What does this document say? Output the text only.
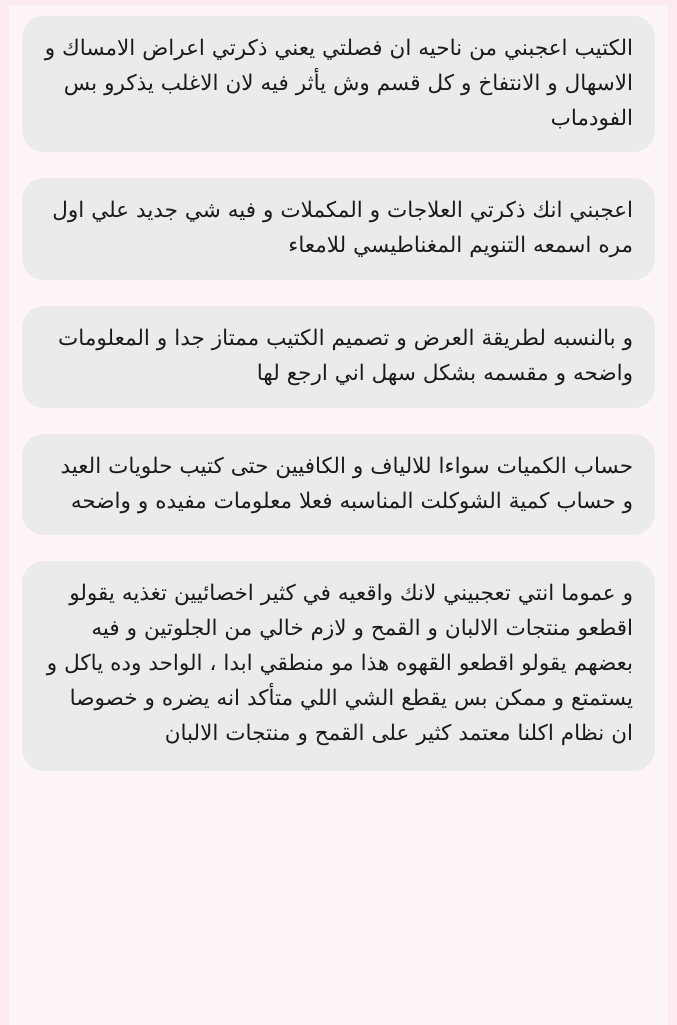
الكتيب اعجبني من ناحيه ان فصلتي يعني ذكرتي اعراض الامساك و الاسهال و الانتفاخ و كل قسم وش يأثر فيه لان الاغلب يذكرو بس الفودماب
اعجبني انك ذكرتي العلاجات و المكملات و فيه شي جديد علي اول مره اسمعه التنويم المغناطيسي للامعاء
و بالنسبه لطريقة العرض و تصميم الكتيب ممتاز جدا و المعلومات واضحه و مقسمه بشكل سهل اني ارجع لها
حساب الكميات سواءا للالياف و الكافيين حتى كتيب حلويات العيد و حساب كمية الشوكلت المناسبه فعلا معلومات مفيده و واضحه
و عموما انتي تعجبيني لانك واقعيه في كثير اخصائيين تغذيه يقولو اقطعو منتجات الالبان و القمح و لازم خالي من الجلوتين و فيه بعضهم يقولو اقطعو القهوه هذا مو منطقي ابدا ، الواحد وده ياكل و يستمتع و ممكن بس يقطع الشي اللي متأكد انه يضره و خصوصا ان نظام اكلنا معتمد كثير على القمح و منتجات الالبان
